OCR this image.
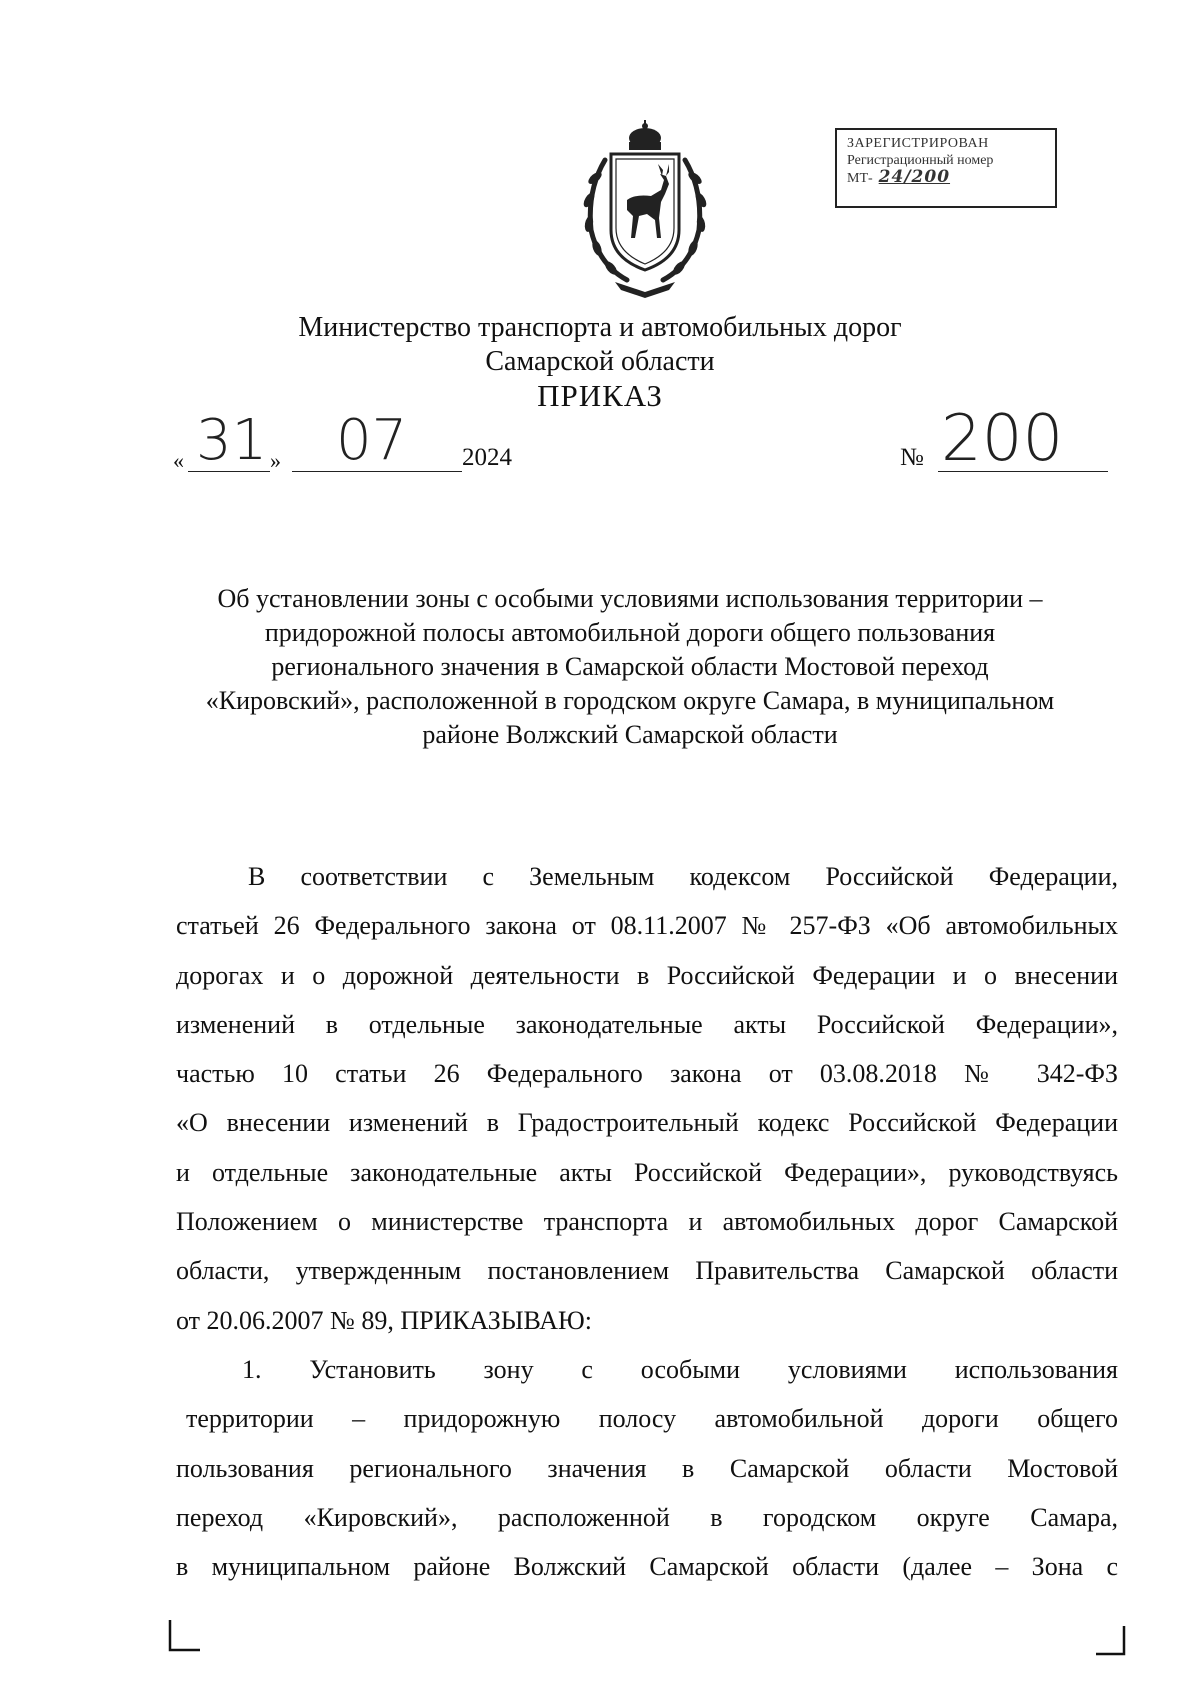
ЗАРЕГИСТРИРОВАН
Регистрационный номер
МТ- 24/200
Министерство транспорта и автомобильных дорог
Самарской области
ПРИКАЗ
« 31 » 07 2024	№ 200
Об установлении зоны с особыми условиями использования территории –
придорожной полосы автомобильной дороги общего пользования
регионального значения в Самарской области Мостовой переход
«Кировский», расположенной в городском округе Самара, в муниципальном
районе Волжский Самарской области
В соответствии с Земельным кодексом Российской Федерации,
статьей 26 Федерального закона от 08.11.2007 № 257-ФЗ «Об автомобильных
дорогах и о дорожной деятельности в Российской Федерации и о внесении
изменений в отдельные законодательные акты Российской Федерации»,
частью 10 статьи 26 Федерального закона от 03.08.2018 № 342-ФЗ
«О внесении изменений в Градостроительный кодекс Российской Федерации
и отдельные законодательные акты Российской Федерации», руководствуясь
Положением о министерстве транспорта и автомобильных дорог Самарской
области, утвержденным постановлением Правительства Самарской области
от 20.06.2007 № 89, ПРИКАЗЫВАЮ:
1. Установить зону с особыми условиями использования
территории – придорожную полосу автомобильной дороги общего
пользования регионального значения в Самарской области Мостовой
переход «Кировский», расположенной в городском округе Самара,
в муниципальном районе Волжский Самарской области (далее – Зона с
